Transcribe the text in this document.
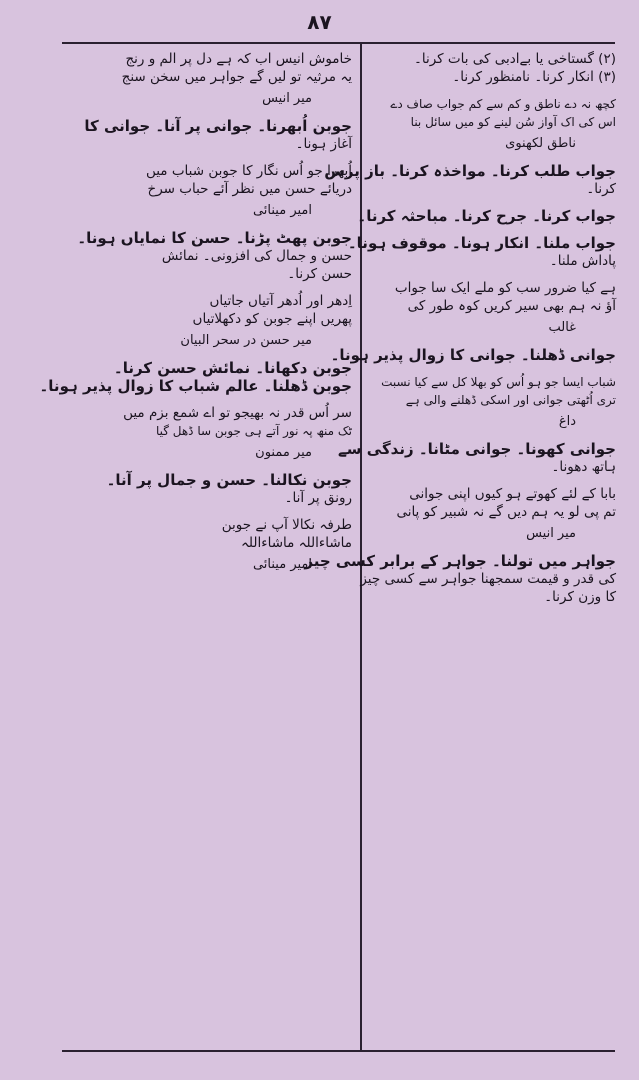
۸۷

(۲) گستاخی یا بےادبی کی بات کرنا۔

(۳) انکار کرنا۔ نامنظور کرنا۔

کچھ نہ دے ناطق و کم سے کم جواب صاف دے

اس کی اک آواز سُن لینے کو میں سائل بنا

ناطق لکھنوی

جواب طلب کرنا۔ مواخذہ کرنا۔ باز پرس

کرنا۔

جواب کرنا۔ جرح کرنا۔ مباحثہ کرنا۔

جواب ملنا۔ انکار ہونا۔ موقوف ہونا۔

پاداش ملنا۔

ہے کیا ضرور سب کو ملے ایک سا جواب

آؤ نہ ہم بھی سیر کریں کوہ طور کی

غالب

جوانی ڈھلنا۔ جوانی کا زوال پذیر ہونا۔

شباب ایسا جو ہو اُس کو بھلا کل سے کیا نسبت

تری اُٹھتی جوانی اور اسکی ڈھلنے والی ہے

داغ

جوانی کھونا۔ جوانی مٹانا۔ زندگی سے

ہاتھ دھونا۔

بابا کے لئے کھوتے ہو کیوں اپنی جوانی

تم پی لو یہ ہم دیں گے نہ شبیر کو پانی

میر انیس

جواہر میں تولنا۔ جواہر کے برابر کسی چیز

کی قدر و قیمت سمجھنا جواہر سے کسی چیز

کا وزن کرنا۔

خاموش انیس اب کہ ہے دل پر الم و رنج

یہ مرثیہ تو لیں گے جواہر میں سخن سنج

میر انیس

جوبن اُبھرنا۔ جوانی پر آنا۔ جوانی کا

آغاز ہونا۔

اُبھرا جو اُس نگار کا جوبن شباب میں

دریائے حسن میں نظر آئے حباب سرخ

امیر مینائی

جوبن پھٹ پڑنا۔ حسن کا نمایاں ہونا۔

حسن و جمال کی افزونی۔ نمائش

حسن کرنا۔

اِدھر اور اُدھر آتیاں جاتیاں

پھریں اپنے جوبن کو دکھلاتیاں

میر حسن در سحر البیان

جوبن دکھانا۔ نمائش حسن کرنا۔

جوبن ڈھلنا۔ عالم شباب کا زوال پذیر ہونا۔

سر اُس قدر نہ بھیجو تو اے شمع بزم میں

ٹک منھ پہ نور آتے ہی جوبن سا ڈھل گیا

میر ممنون

جوبن نکالنا۔ حسن و جمال پر آنا۔

رونق پر آنا۔

طرفہ نکالا آپ نے جوبن

ماشاءاللہ ماشاءاللہ

امیر مینائی
